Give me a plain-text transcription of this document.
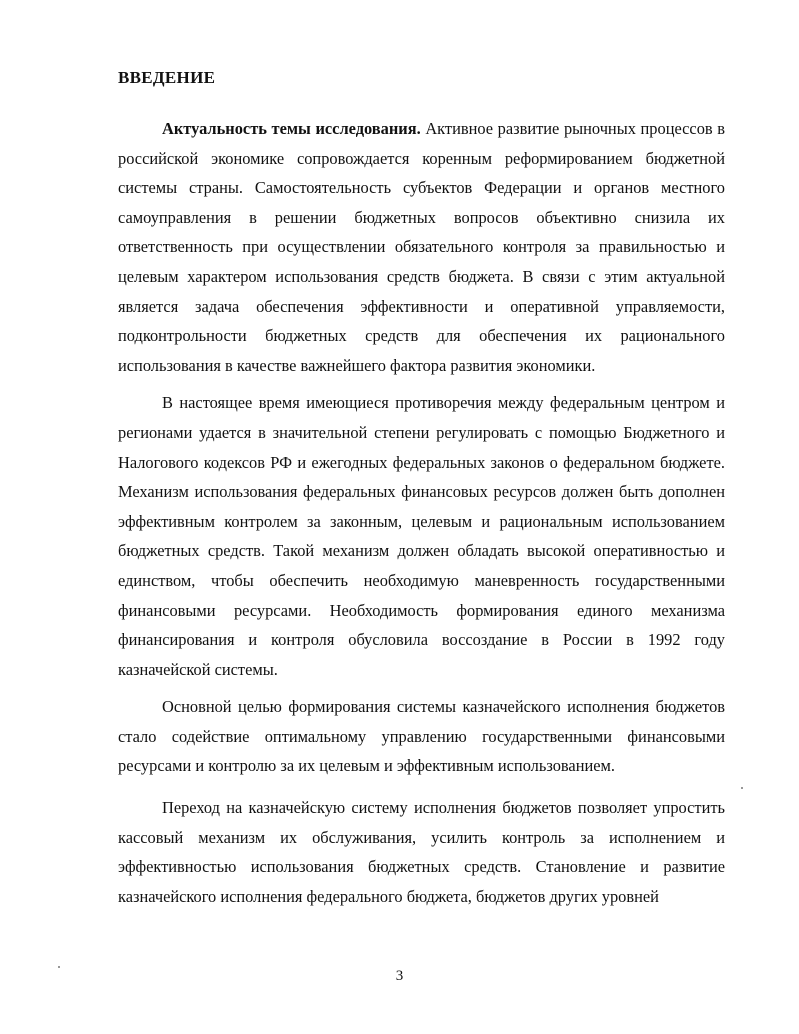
ВВЕДЕНИЕ

Актуальность темы исследования. Активное развитие рыночных процессов в российской экономике сопровождается коренным реформированием бюджетной системы страны. Самостоятельность субъектов Федерации и органов местного самоуправления в решении бюджетных вопросов объективно снизила их ответственность при осуществлении обязательного контроля за правильностью и целевым характером использования средств бюджета. В связи с этим актуальной является задача обеспечения эффективности и оперативной управляемости, подконтрольности бюджетных средств для обеспечения их рационального использования в качестве важнейшего фактора развития экономики.

В настоящее время имеющиеся противоречия между федеральным центром и регионами удается в значительной степени регулировать с помощью Бюджетного и Налогового кодексов РФ и ежегодных федеральных законов о федеральном бюджете. Механизм использования федеральных финансовых ресурсов должен быть дополнен эффективным контролем за законным, целевым и рациональным использованием бюджетных средств. Такой механизм должен обладать высокой оперативностью и единством, чтобы обеспечить необходимую маневренность государственными финансовыми ресурсами. Необходимость формирования единого механизма финансирования и контроля обусловила воссоздание в России в 1992 году казначейской системы.

Основной целью формирования системы казначейского исполнения бюджетов стало содействие оптимальному управлению государственными финансовыми ресурсами и контролю за их целевым и эффективным использованием.

Переход на казначейскую систему исполнения бюджетов позволяет упростить кассовый механизм их обслуживания, усилить контроль за исполнением и эффективностью использования бюджетных средств. Становление и развитие казначейского исполнения федерального бюджета, бюджетов других уровней

3
